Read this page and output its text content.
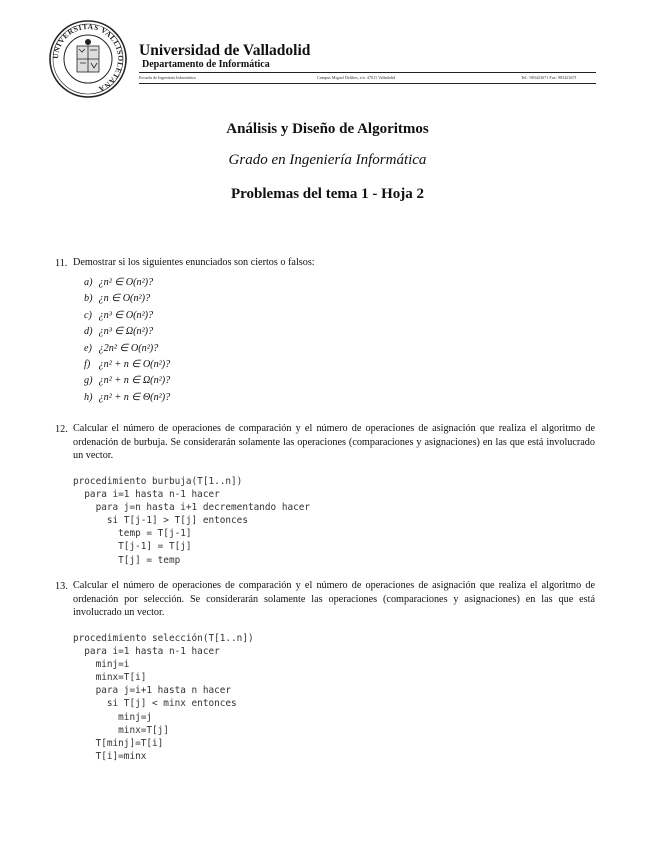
UNIVERSITAS VALLISOLETANA
Universidad de Valladolid
Departamento de Informática
Escuela de Ingeniería Informática	Campus Miguel Delibes, s/n. 47011 Valladolid	Tel.: 983423671 Fax: 983423671
Análisis y Diseño de Algoritmos
Grado en Ingeniería Informática
Problemas del tema 1 - Hoja 2
11. Demostrar si los siguientes enunciados son ciertos o falsos:
a) ¿n² ∈ O(n²)?
b) ¿n ∈ O(n²)?
c) ¿n³ ∈ O(n²)?
d) ¿n³ ∈ Ω(n²)?
e) ¿2n² ∈ O(n²)?
f) ¿n² + n ∈ O(n²)?
g) ¿n² + n ∈ Ω(n²)?
h) ¿n² + n ∈ Θ(n²)?
12. Calcular el número de operaciones de comparación y el número de operaciones de asignación que realiza el algoritmo de ordenación de burbuja. Se considerarán solamente las operaciones (comparaciones y asignaciones) en las que está involucrado un vector.
procedimiento burbuja(T[1..n])
para i=1 hasta n-1 hacer
para j=n hasta i+1 decrementando hacer
si T[j-1] > T[j] entonces
temp = T[j-1]
T[j-1] = T[j]
T[j] = temp
13. Calcular el número de operaciones de comparación y el número de operaciones de asignación que realiza el algoritmo de ordenación por selección. Se considerarán solamente las operaciones (comparaciones y asignaciones) en las que está involucrado un vector.
procedimiento selección(T[1..n])
para i=1 hasta n-1 hacer
minj=i
minx=T[i]
para j=i+1 hasta n hacer
si T[j] < minx entonces
minj=j
minx=T[j]
T[minj]=T[i]
T[i]=minx
